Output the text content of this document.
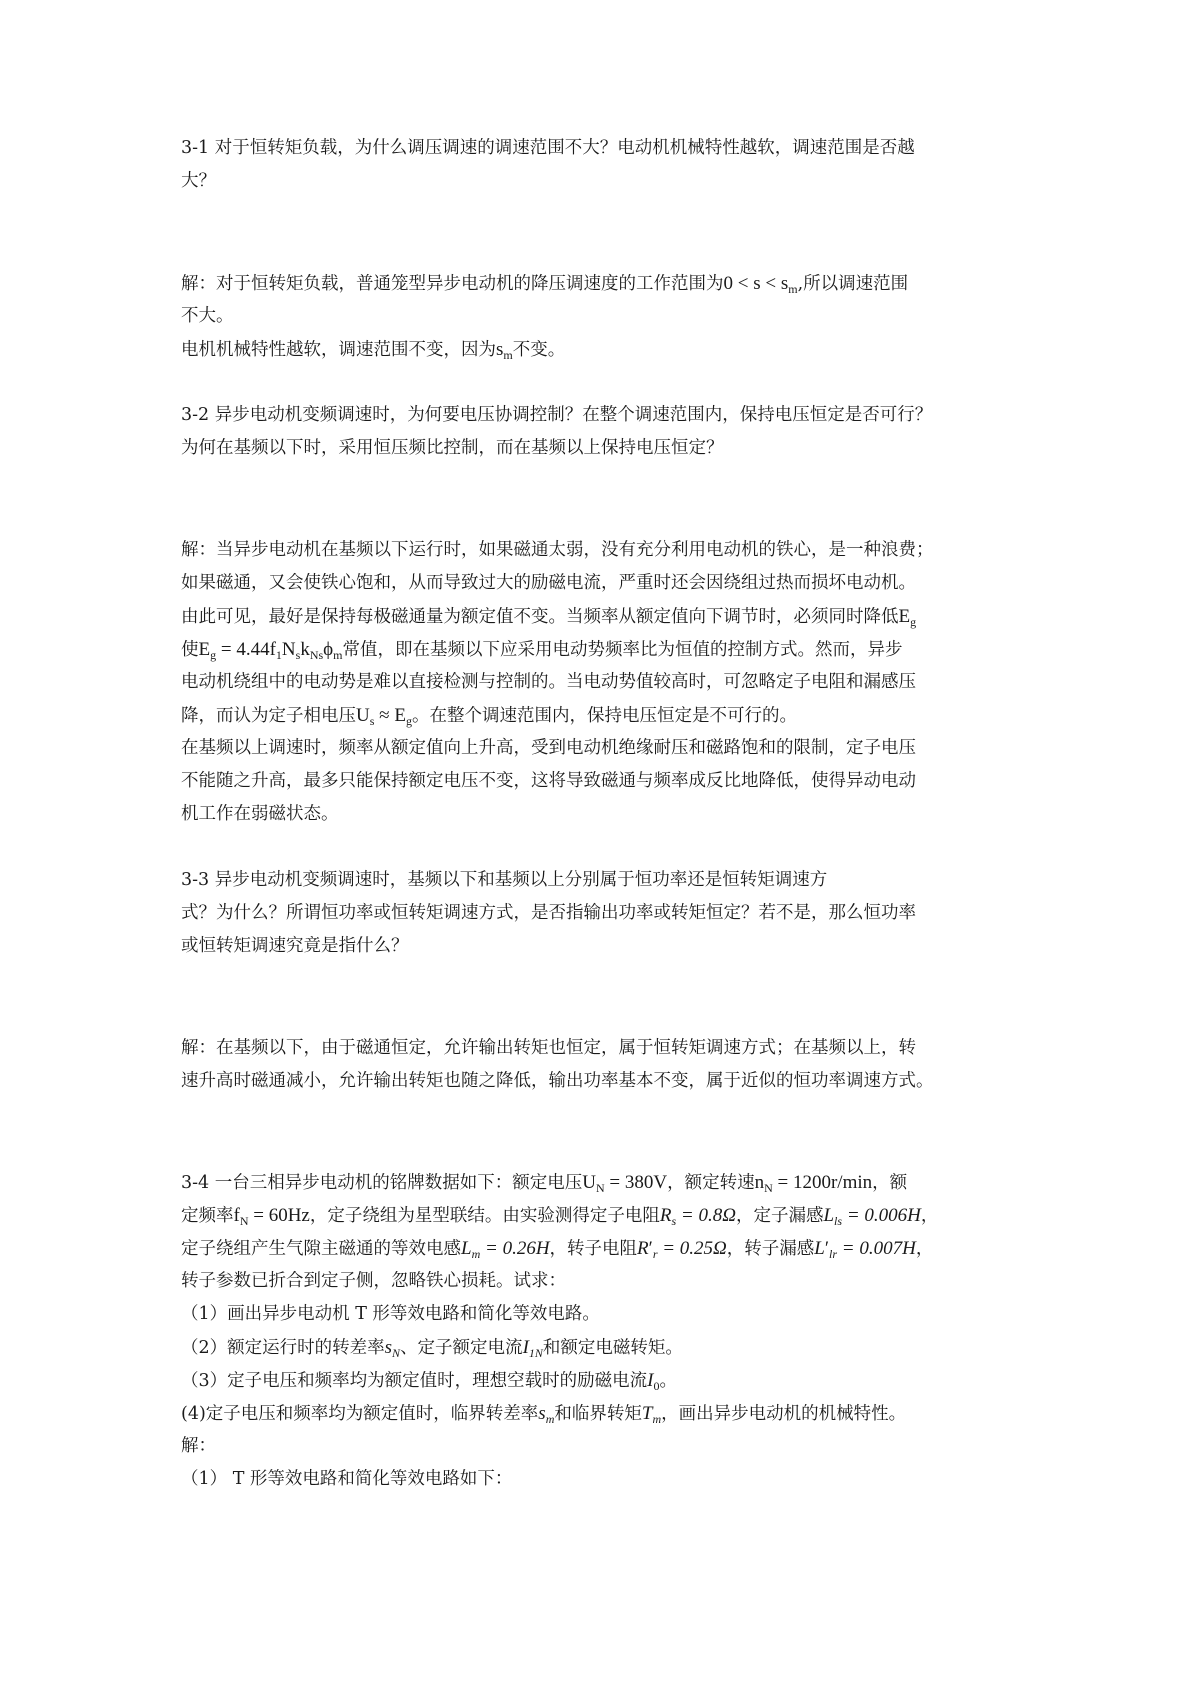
3-1 对于恒转矩负载，为什么调压调速的调速范围不大？电动机机械特性越软，调速范围是否越
大？
解：对于恒转矩负载，普通笼型异步电动机的降压调速度的工作范围为$0 < s < s_m$,所以调速范围
不大。
电机机械特性越软，调速范围不变，因为$s_m$不变。
3-2 异步电动机变频调速时，为何要电压协调控制？在整个调速范围内，保持电压恒定是否可行？
为何在基频以下时，采用恒压频比控制，而在基频以上保持电压恒定？
解：当异步电动机在基频以下运行时，如果磁通太弱，没有充分利用电动机的铁心，是一种浪费；
如果磁通，又会使铁心饱和，从而导致过大的励磁电流，严重时还会因绕组过热而损坏电动机。
由此可见，最好是保持每极磁通量为额定值不变。当频率从额定值向下调节时，必须同时降低$E_g$
使$E_g = 4.44f_1N_sk_{Ns}\phi_m$常值，即在基频以下应采用电动势频率比为恒值的控制方式。然而，异步
电动机绕组中的电动势是难以直接检测与控制的。当电动势值较高时，可忽略定子电阻和漏感压
降，而认为定子相电压$U_s \approx E_g$。在整个调速范围内，保持电压恒定是不可行的。
在基频以上调速时，频率从额定值向上升高，受到电动机绝缘耐压和磁路饱和的限制，定子电压
不能随之升高，最多只能保持额定电压不变，这将导致磁通与频率成反比地降低，使得异动电动
机工作在弱磁状态。
3-3 异步电动机变频调速时，基频以下和基频以上分别属于恒功率还是恒转矩调速方
式？为什么？所谓恒功率或恒转矩调速方式，是否指输出功率或转矩恒定？若不是，那么恒功率
或恒转矩调速究竟是指什么？
解：在基频以下，由于磁通恒定，允许输出转矩也恒定，属于恒转矩调速方式；在基频以上，转
速升高时磁通减小，允许输出转矩也随之降低，输出功率基本不变，属于近似的恒功率调速方式。
3-4 一台三相异步电动机的铭牌数据如下：额定电压$U_N = 380V$，额定转速$n_N = 1200r/\min$，额
定频率$f_N = 60Hz$，定子绕组为星型联结。由实验测得定子电阻$R_s = 0.8\Omega$，定子漏感$L_{ls} = 0.006H$，
定子绕组产生气隙主磁通的等效电感$L_m = 0.26H$，转子电阻$R'_r = 0.25\Omega$，转子漏感$L'_{lr} = 0.007H$，
转子参数已折合到定子侧，忽略铁心损耗。试求：
（1）画出异步电动机 T 形等效电路和简化等效电路。
（2）额定运行时的转差率$s_N$、定子额定电流$I_{1N}$和额定电磁转矩。
（3）定子电压和频率均为额定值时，理想空载时的励磁电流$I_0$。
(4)定子电压和频率均为额定值时，临界转差率$s_m$和临界转矩$T_m$，画出异步电动机的机械特性。
解：
（1） T 形等效电路和简化等效电路如下：
